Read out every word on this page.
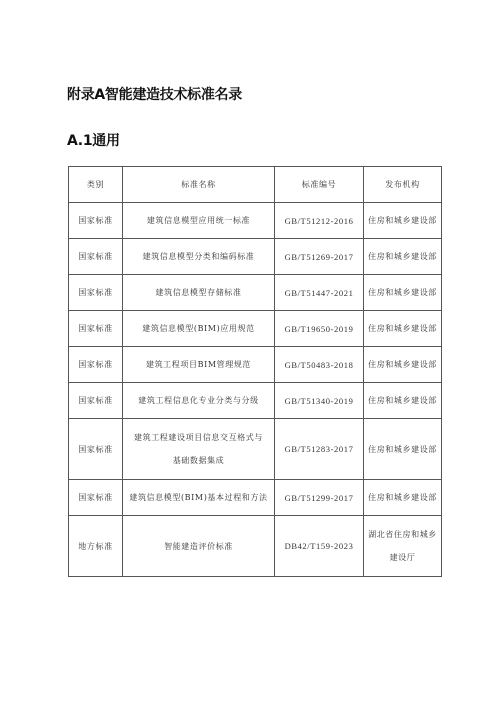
附录A智能建造技术标准名录
A.1通用
类别	标准名称	标准编号	发布机构
国家标准	建筑信息模型应用统一标准	GB/T51212-2016	住房和城乡建设部
国家标准	建筑信息模型分类和编码标准	GB/T51269-2017	住房和城乡建设部
国家标准	建筑信息模型存储标准	GB/T51447-2021	住房和城乡建设部
国家标准	建筑信息模型(BIM)应用规范	GB/T19650-2019	住房和城乡建设部
国家标准	建筑工程项目BIM管理规范	GB/T50483-2018	住房和城乡建设部
国家标准	建筑工程信息化专业分类与分级	GB/T51340-2019	住房和城乡建设部
国家标准	建筑工程建设项目信息交互格式与
基础数据集成	GB/T51283-2017	住房和城乡建设部
国家标准	建筑信息模型(BIM)基本过程和方法	GB/T51299-2017	住房和城乡建设部
地方标准	智能建造评价标准	DB42/T159-2023	湖北省住房和城乡
建设厅
